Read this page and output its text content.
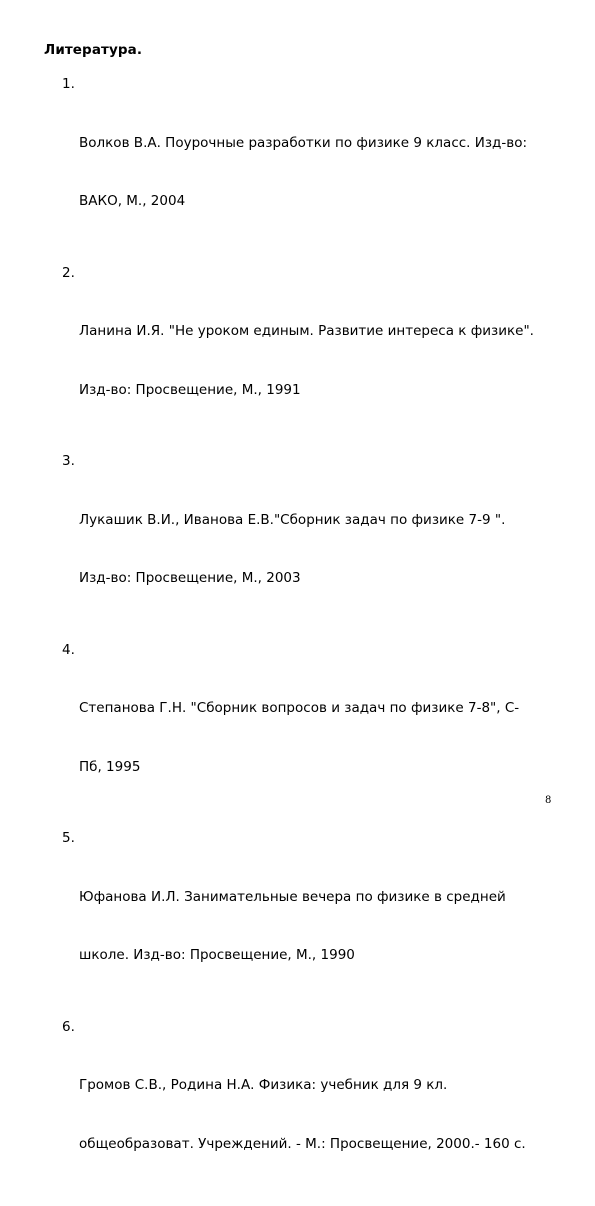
Литература.

1.

Волков В.А. Поурочные разработки по физике 9 класс. Изд-во:

ВАКО, М., 2004

2.

Ланина И.Я. "Не уроком единым. Развитие интереса к физике".

Изд-во: Просвещение, М., 1991

3.

Лукашик В.И., Иванова Е.В."Сборник задач по физике 7-9 ".

Изд-во: Просвещение, М., 2003

4.

Степанова Г.Н. "Сборник вопросов и задач по физике 7-8", С-

Пб, 1995

5.

Юфанова И.Л. Занимательные вечера по физике в средней

школе. Изд-во: Просвещение, М., 1990

6.

Громов С.В., Родина Н.А. Физика: учебник для 9 кл.

общеобразоват. Учреждений. - М.: Просвещение, 2000.- 160 с.

8
